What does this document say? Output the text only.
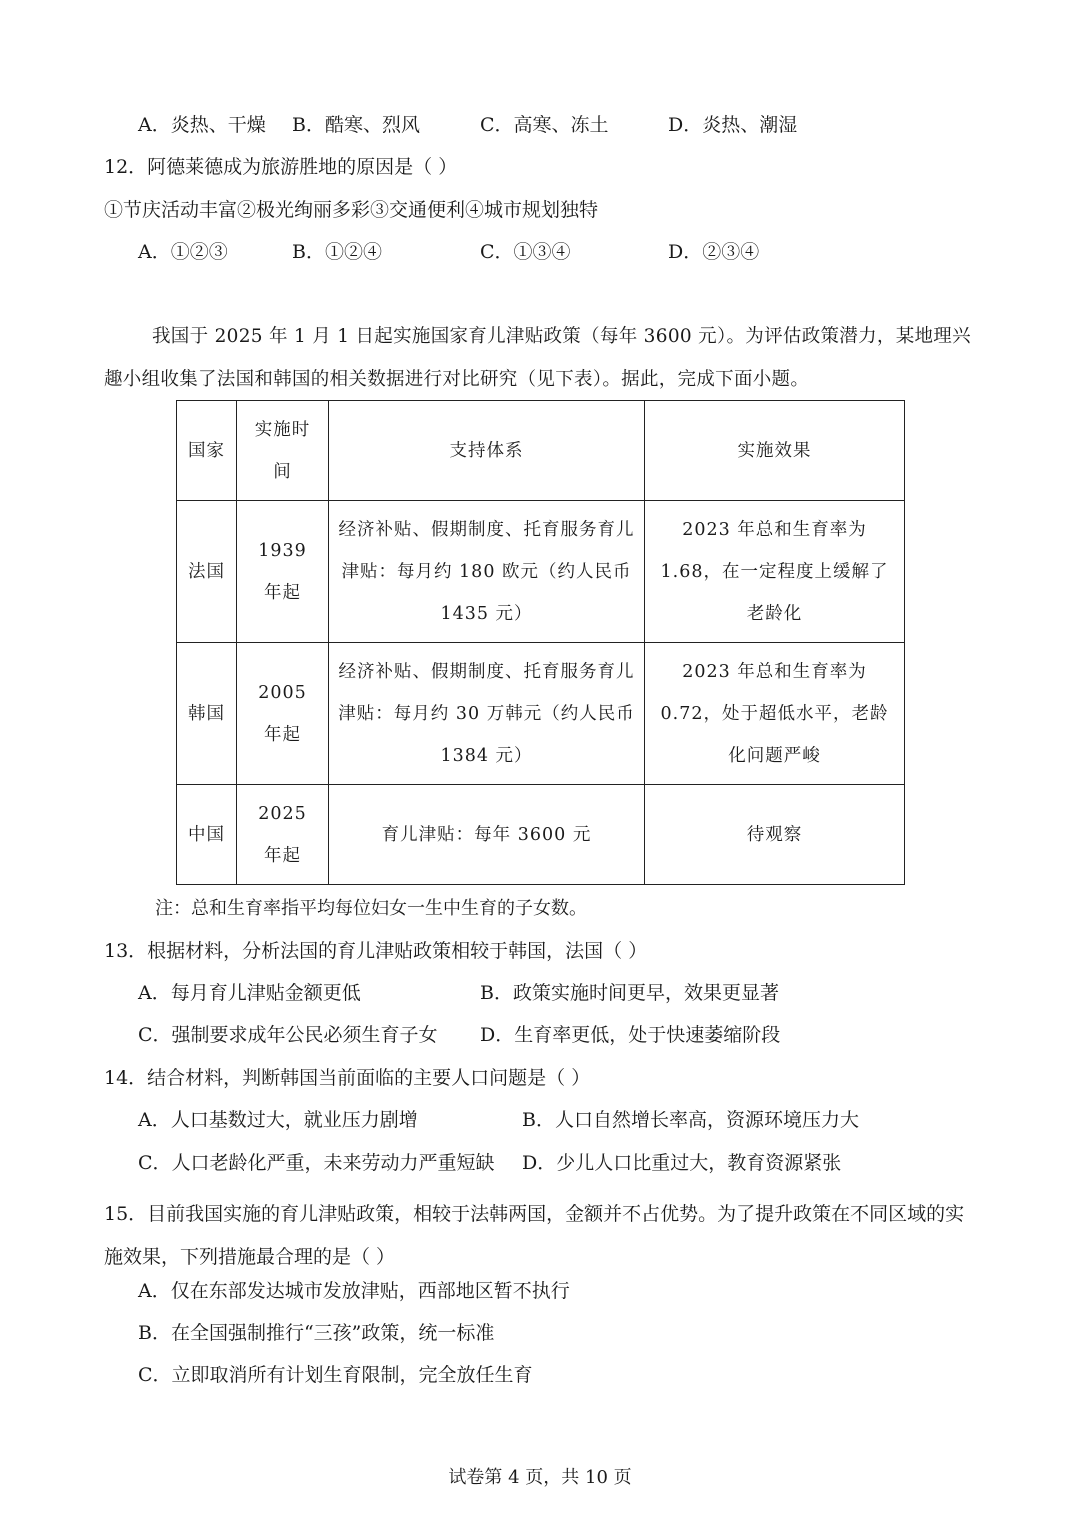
A．炎热、干燥 B．酷寒、烈风	C．高寒、冻土	D．炎热、潮湿
12．阿德莱德成为旅游胜地的原因是（ ）
①节庆活动丰富②极光绚丽多彩③交通便利④城市规划独特
A．①②③	B．①②④	C．①③④	D．②③④
我国于 2025 年 1 月 1 日起实施国家育儿津贴政策（每年 3600 元）。为评估政策潜力，某地理兴趣小组收集了法国和韩国的相关数据进行对比研究（见下表）。据此，完成下面小题。
国家	实施时间	支持体系	实施效果
法国	1939 年起	经济补贴、假期制度、托育服务育儿津贴：每月约 180 欧元（约人民币 1435 元）	2023 年总和生育率为 1.68，在一定程度上缓解了老龄化
韩国	2005 年起	经济补贴、假期制度、托育服务育儿津贴：每月约 30 万韩元（约人民币 1384 元）	2023 年总和生育率为 0.72，处于超低水平，老龄化问题严峻
中国	2025 年起	育儿津贴：每年 3600 元	待观察
注：总和生育率指平均每位妇女一生中生育的子女数。
13．根据材料，分析法国的育儿津贴政策相较于韩国，法国（ ）
A．每月育儿津贴金额更低	B．政策实施时间更早，效果更显著
C．强制要求成年公民必须生育子女 D．生育率更低，处于快速萎缩阶段
14．结合材料，判断韩国当前面临的主要人口问题是（ ）
A．人口基数过大，就业压力剧增	B．人口自然增长率高，资源环境压力大
C．人口老龄化严重，未来劳动力严重短缺 D．少儿人口比重过大，教育资源紧张
15．目前我国实施的育儿津贴政策，相较于法韩两国，金额并不占优势。为了提升政策在不同区域的实施效果，下列措施最合理的是（ ）
A．仅在东部发达城市发放津贴，西部地区暂不执行
B．在全国强制推行“三孩”政策，统一标准
C．立即取消所有计划生育限制，完全放任生育
试卷第 4 页，共 10 页
